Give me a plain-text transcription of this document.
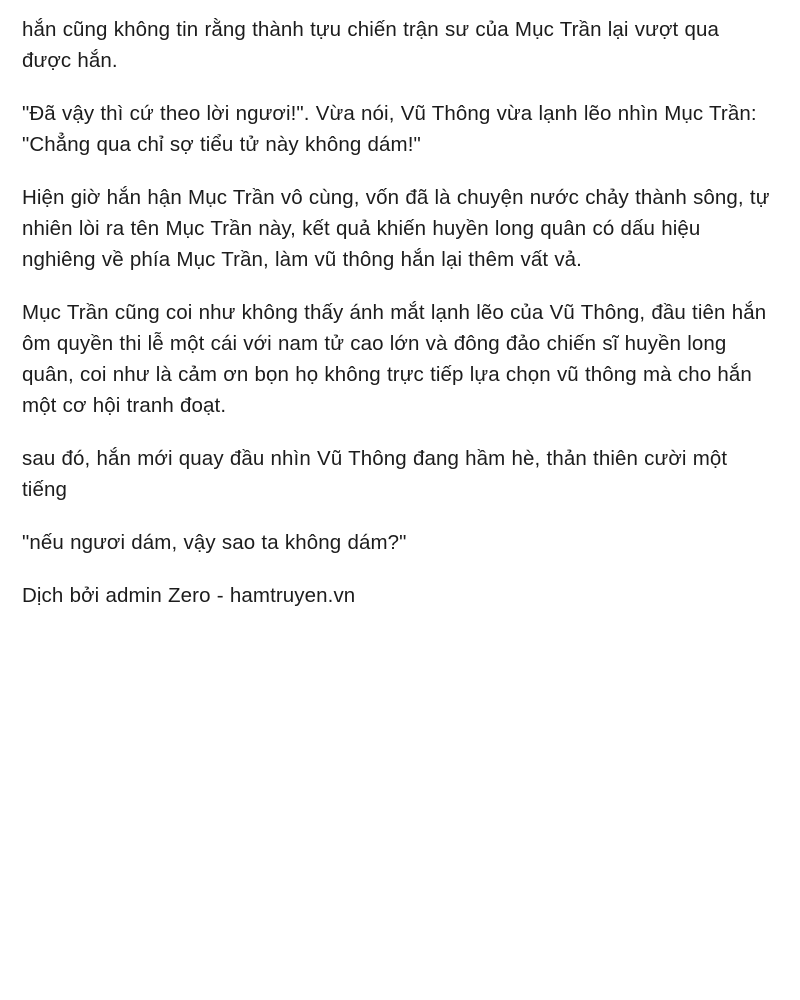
hắn cũng không tin rằng thành tựu chiến trận sư của Mục Trần lại vượt qua được hắn.

"Đã vậy thì cứ theo lời ngươi!". Vừa nói, Vũ Thông vừa lạnh lẽo nhìn Mục Trần: "Chẳng qua chỉ sợ tiểu tử này không dám!"

Hiện giờ hắn hận Mục Trần vô cùng, vốn đã là chuyện nước chảy thành sông, tự nhiên lòi ra tên Mục Trần này, kết quả khiến huyền long quân có dấu hiệu nghiêng về phía Mục Trần, làm vũ thông hắn lại thêm vất vả.

Mục Trần cũng coi như không thấy ánh mắt lạnh lẽo của Vũ Thông, đầu tiên hắn ôm quyền thi lễ một cái với nam tử cao lớn và đông đảo chiến sĩ huyền long quân, coi như là cảm ơn bọn họ không trực tiếp lựa chọn vũ thông mà cho hắn một cơ hội tranh đoạt.

sau đó, hắn mới quay đầu nhìn Vũ Thông đang hầm hè, thản thiên cười một tiếng

"nếu ngươi dám, vậy sao ta không dám?"

Dịch bởi admin Zero - hamtruyen.vn
